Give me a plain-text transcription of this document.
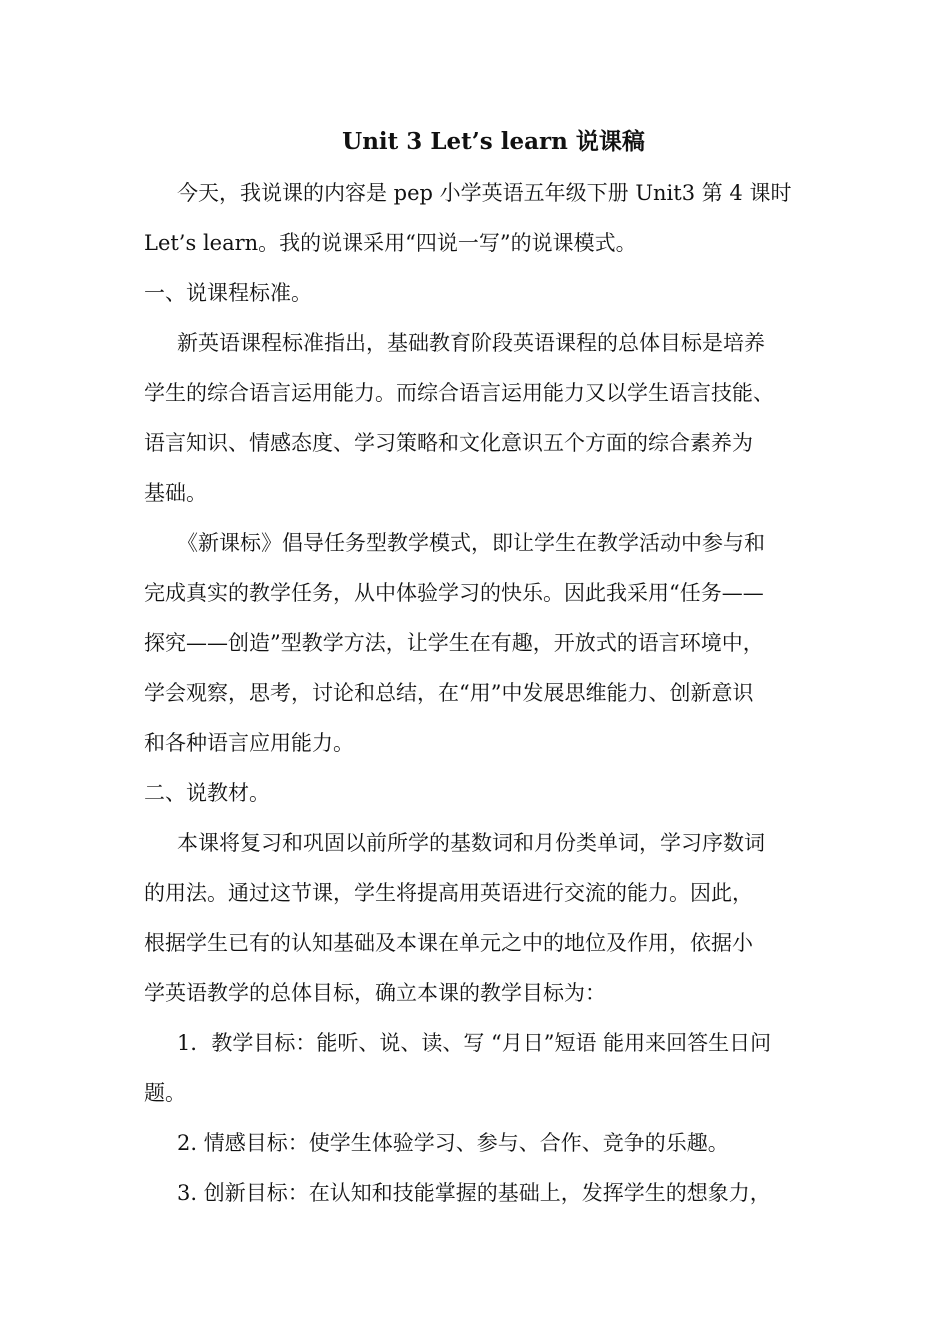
Unit 3 Let’s learn 说课稿
今天，我说课的内容是 pep 小学英语五年级下册 Unit3 第 4 课时
Let’s learn。我的说课采用“四说一写”的说课模式。
一、说课程标准。
新英语课程标准指出，基础教育阶段英语课程的总体目标是培养
学生的综合语言运用能力。而综合语言运用能力又以学生语言技能、
语言知识、情感态度、学习策略和文化意识五个方面的综合素养为
基础。
《新课标》倡导任务型教学模式，即让学生在教学活动中参与和
完成真实的教学任务，从中体验学习的快乐。因此我采用“任务——
探究——创造”型教学方法，让学生在有趣，开放式的语言环境中，
学会观察，思考，讨论和总结，在“用”中发展思维能力、创新意识
和各种语言应用能力。
二、说教材。
本课将复习和巩固以前所学的基数词和月份类单词，学习序数词
的用法。通过这节课，学生将提高用英语进行交流的能力。因此，
根据学生已有的认知基础及本课在单元之中的地位及作用，依据小
学英语教学的总体目标，确立本课的教学目标为：
1．教学目标：能听、说、读、写 “月日”短语 能用来回答生日问
题。
2. 情感目标：使学生体验学习、参与、合作、竞争的乐趣。
3. 创新目标：在认知和技能掌握的基础上，发挥学生的想象力，
